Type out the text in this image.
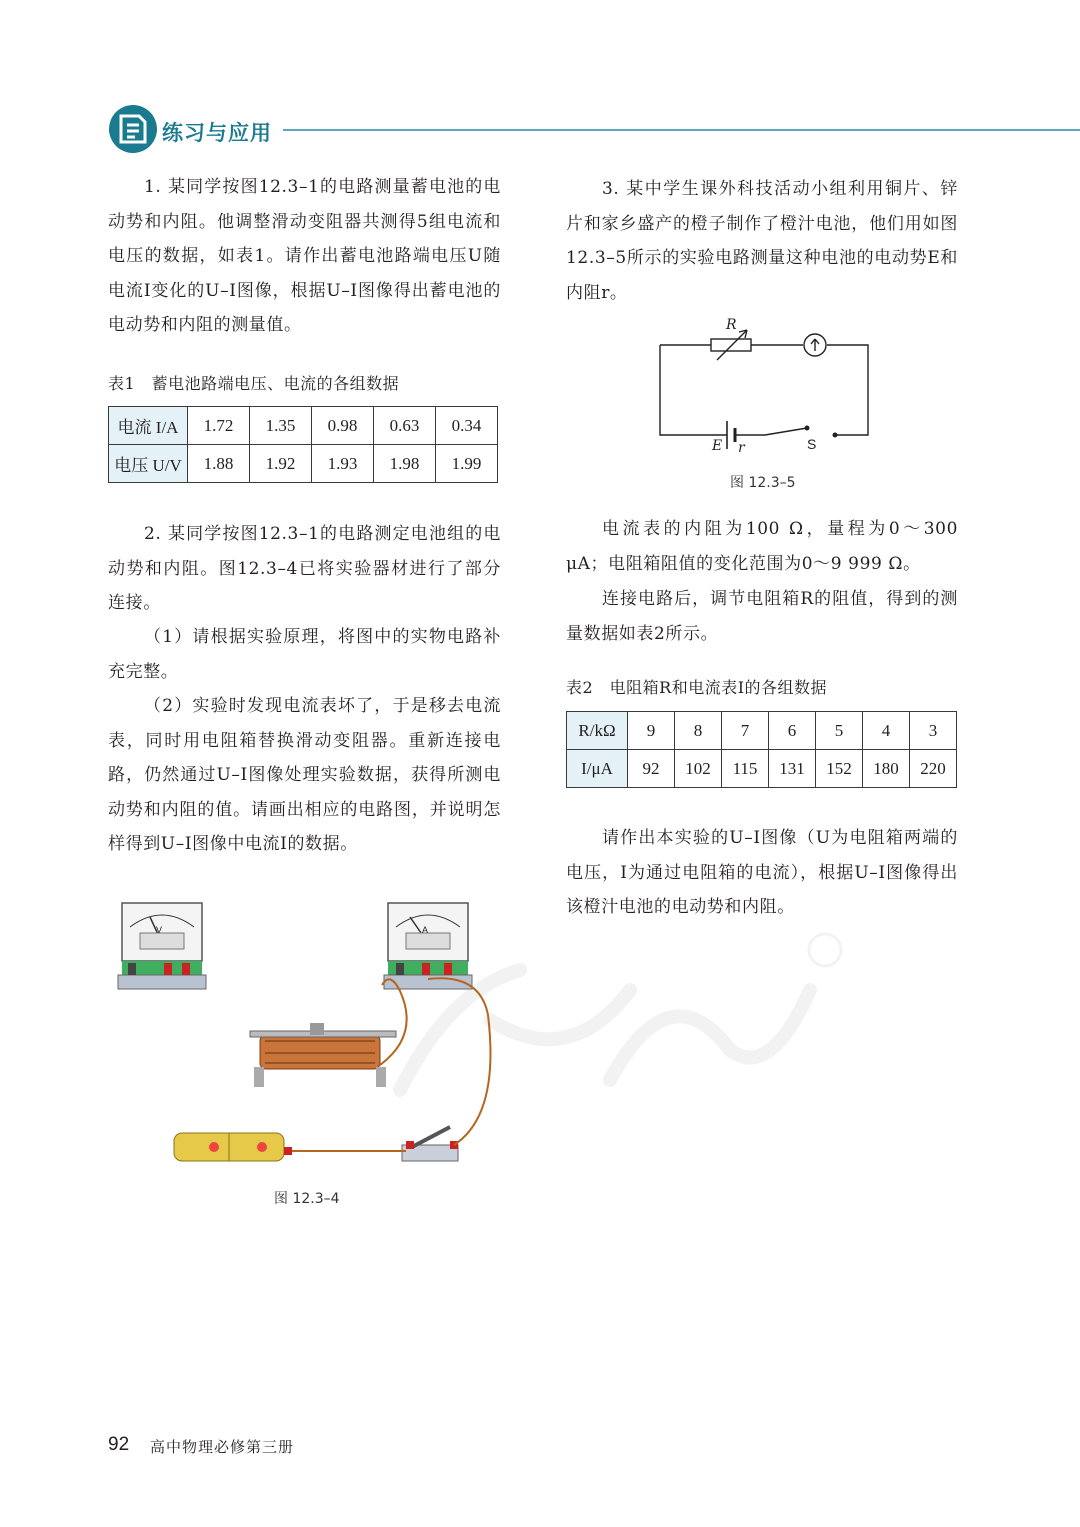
练习与应用
1. 某同学按图12.3–1的电路测量蓄电池的电动势和内阻。他调整滑动变阻器共测得5组电流和电压的数据，如表1。请作出蓄电池路端电压U随电流I变化的U–I图像，根据U–I图像得出蓄电池的电动势和内阻的测量值。
表1　蓄电池路端电压、电流的各组数据
电流 I/A	1.72	1.35	0.98	0.63	0.34
电压 U/V	1.88	1.92	1.93	1.98	1.99
2. 某同学按图12.3–1的电路测定电池组的电动势和内阻。图12.3–4已将实验器材进行了部分连接。
（1）请根据实验原理，将图中的实物电路补充完整。
（2）实验时发现电流表坏了，于是移去电流表，同时用电阻箱替换滑动变阻器。重新连接电路，仍然通过U–I图像处理实验数据，获得所测电动势和内阻的值。请画出相应的电路图，并说明怎样得到U–I图像中电流I的数据。
V	A
图 12.3–4
3. 某中学生课外科技活动小组利用铜片、锌片和家乡盛产的橙子制作了橙汁电池，他们用如图12.3–5所示的实验电路测量这种电池的电动势E和内阻r。
R
E r	S
图 12.3–5
电流表的内阻为100 Ω，量程为0～300 μA；电阻箱阻值的变化范围为0～9 999 Ω。
连接电路后，调节电阻箱R的阻值，得到的测量数据如表2所示。
表2　电阻箱R和电流表I的各组数据
R/kΩ	9	8	7	6	5	4	3
I/μA	92	102	115	131	152	180	220
请作出本实验的U–I图像（U为电阻箱两端的电压，I为通过电阻箱的电流），根据U–I图像得出该橙汁电池的电动势和内阻。
92 高中物理必修第三册
